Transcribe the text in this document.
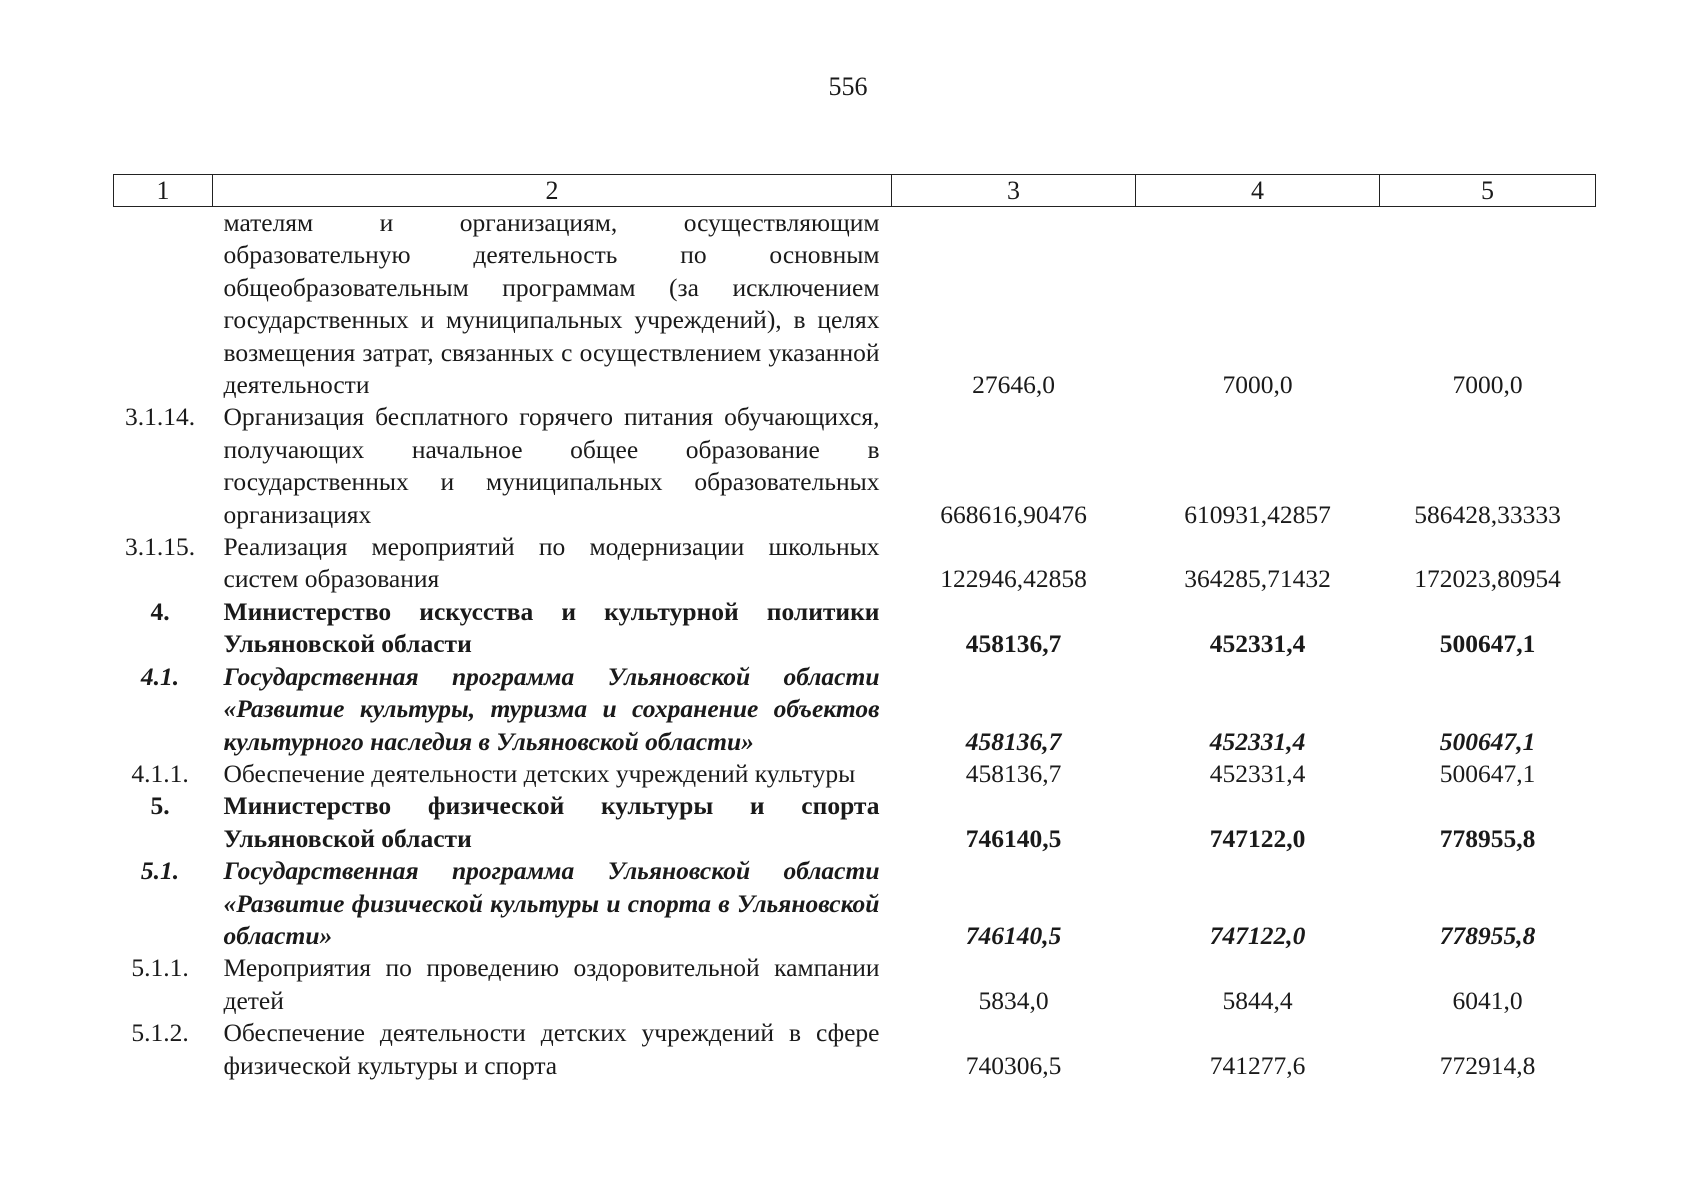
556
1	2	3	4	5
	мателям и организациям, осуществляющим образовательную деятельность по основным общеобразовательным программам (за исключением государственных и муниципальных учреждений), в целях возмещения затрат, связанных с осуществлением указанной деятельности	27646,0	7000,0	7000,0
3.1.14.	Организация бесплатного горячего питания обучающихся, получающих начальное общее образование в государственных и муниципальных образовательных организациях	668616,90476	610931,42857	586428,33333
3.1.15.	Реализация мероприятий по модернизации школьных систем образования	122946,42858	364285,71432	172023,80954
4.	Министерство искусства и культурной политики Ульяновской области	458136,7	452331,4	500647,1
4.1.	Государственная программа Ульяновской области «Развитие культуры, туризма и сохранение объектов культурного наследия в Ульяновской области»	458136,7	452331,4	500647,1
4.1.1.	Обеспечение деятельности детских учреждений культуры	458136,7	452331,4	500647,1
5.	Министерство физической культуры и спорта Ульяновской области	746140,5	747122,0	778955,8
5.1.	Государственная программа Ульяновской области «Развитие физической культуры и спорта в Ульяновской области»	746140,5	747122,0	778955,8
5.1.1.	Мероприятия по проведению оздоровительной кампании детей	5834,0	5844,4	6041,0
5.1.2.	Обеспечение деятельности детских учреждений в сфере физической культуры и спорта	740306,5	741277,6	772914,8
